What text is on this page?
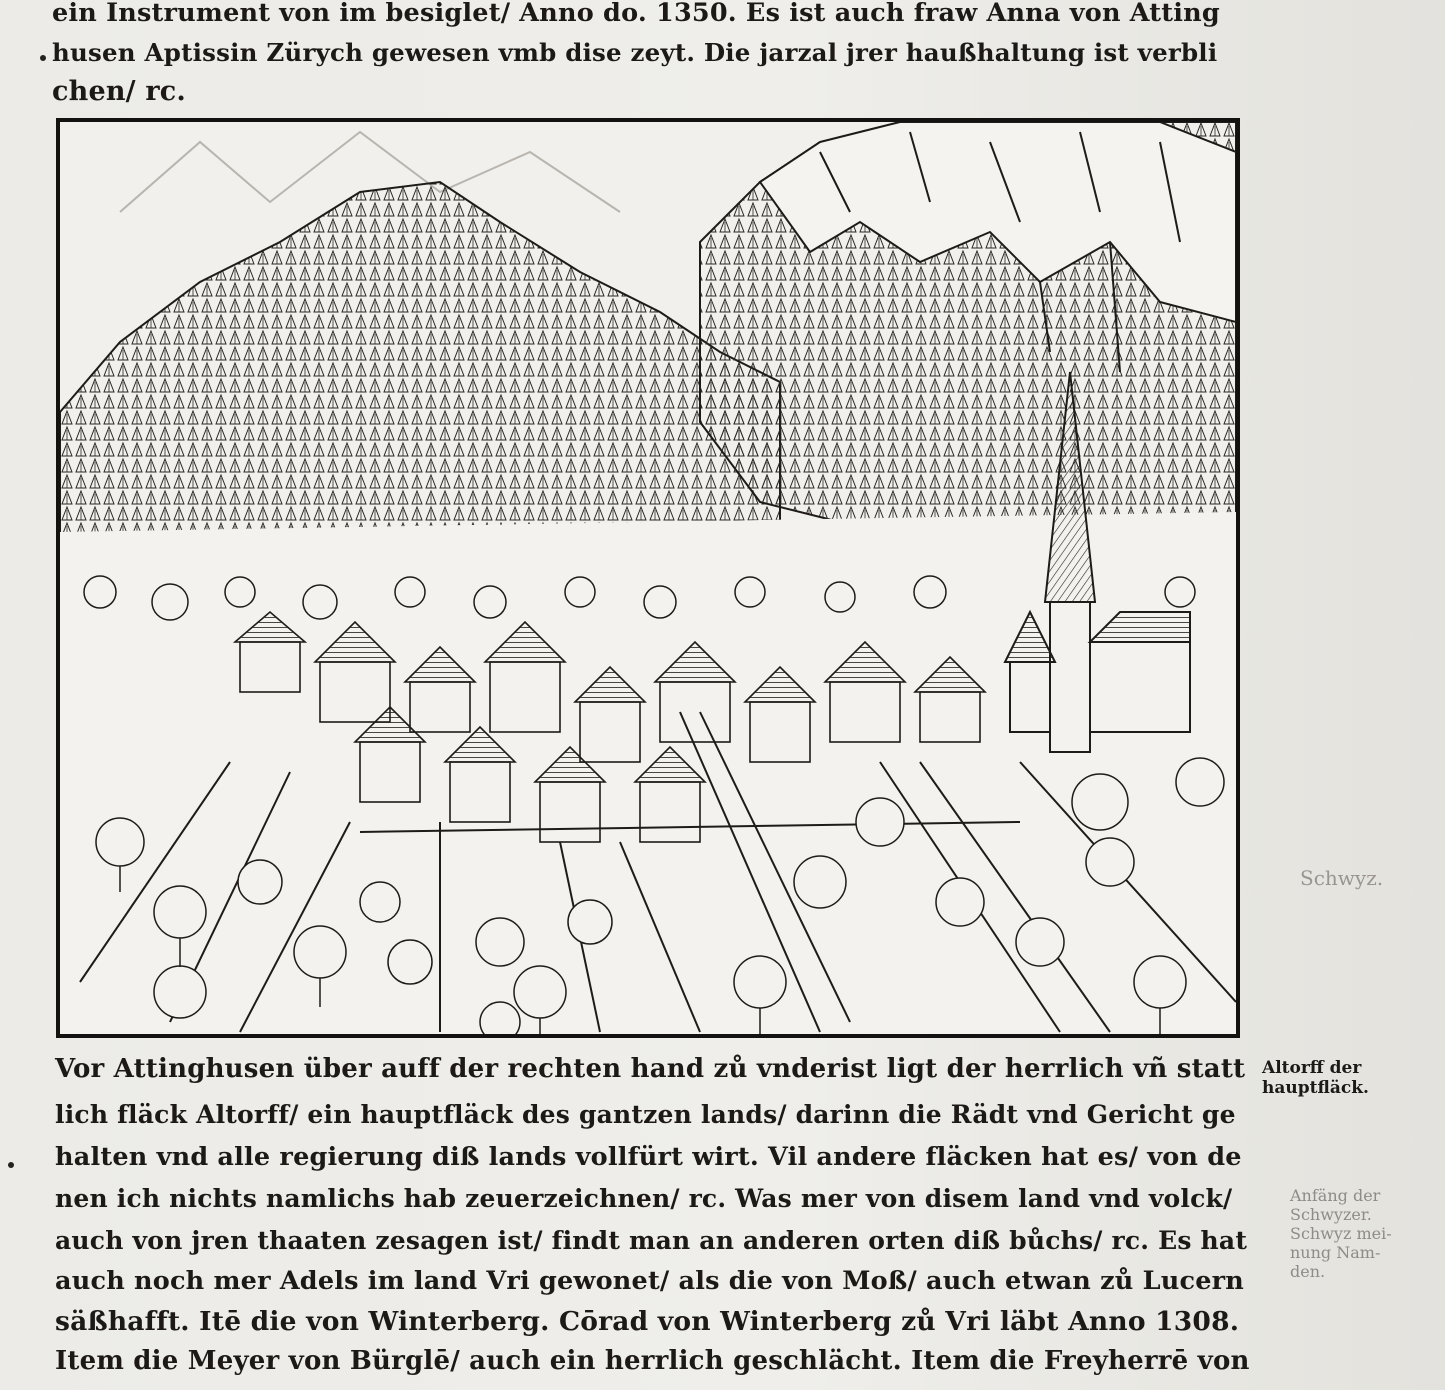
ein Instrument von im besiglet/ Anno do. 1350. Es ist auch fraw Anna von Atting
husen Aptissin Zürych gewesen vmb dise zeyt. Die jarzal jrer haußhaltung ist verbli
chen/ rc.
Vor Attinghusen über auff der rechten hand zů vnderist ligt der herrlich vñ statt
lich fläck Altorff/ ein hauptfläck des gantzen lands/ darinn die Rädt vnd Gericht ge
halten vnd alle regierung diß lands vollfürt wirt. Vil andere fläcken hat es/ von de
nen ich nichts namlichs hab zeuerzeichnen/ rc. Was mer von disem land vnd volck/
auch von jren thaaten zesagen ist/ findt man an anderen orten diß bůchs/ rc. Es hat
auch noch mer Adels im land Vri gewonet/ als die von Moß/ auch etwan zů Lucern
säßhafft. Itē die von Winterberg. Cōrad von Winterberg zů Vri läbt Anno 1308.
Item die Meyer von Bürglē/ auch ein herrlich geschlächt. Item die Freyherrē von
Altorff der
hauptfläck.
Schwyz.
Anfäng der
Schwyzer.
Schwyz mei-
nung Nam-
den.
